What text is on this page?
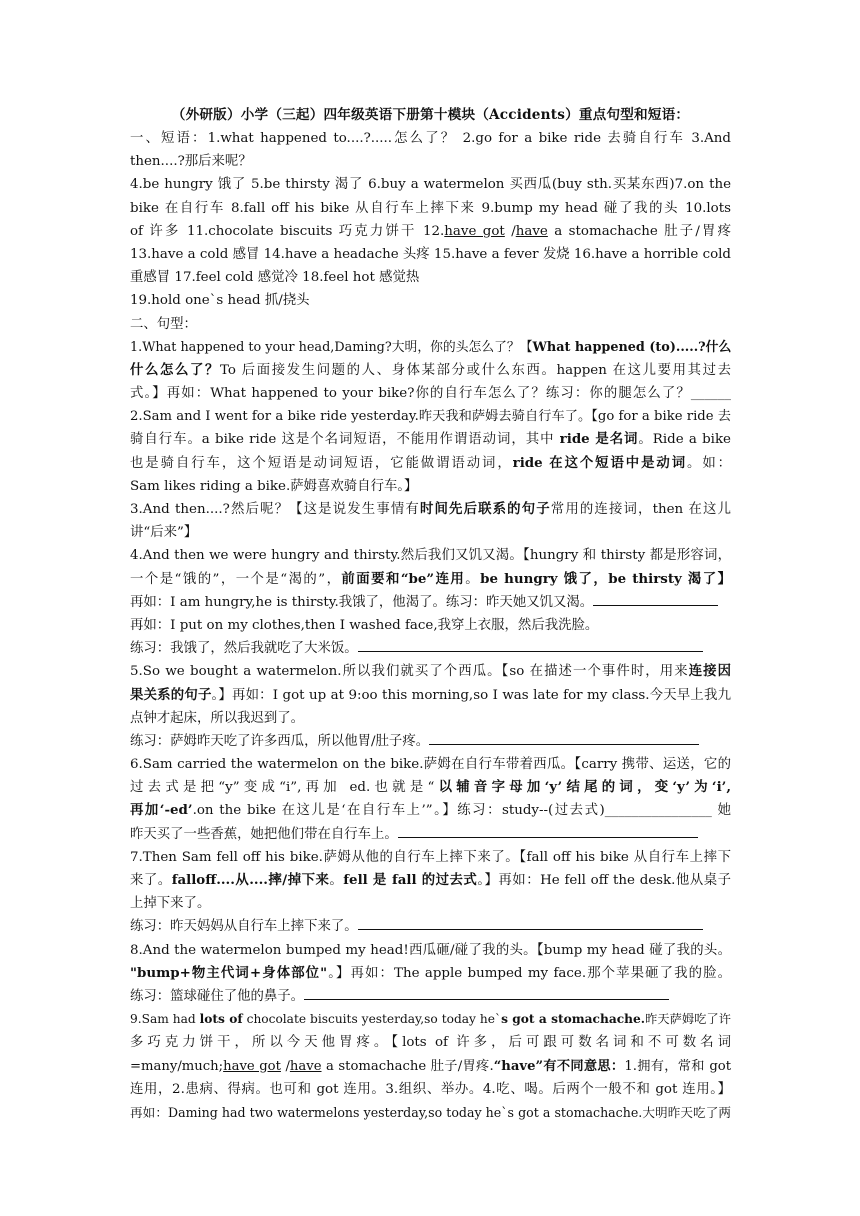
（外研版）小学（三起）四年级英语下册第十模块（Accidents）重点句型和短语：
一、短语：1.what happened to....?.....怎么了？ 2.go for a bike ride 去骑自行车 3.And
then....?那后来呢？
4.be hungry 饿了 5.be thirsty 渴了 6.buy a watermelon 买西瓜(buy sth.买某东西)7.on the
bike 在自行车 8.fall off his bike 从自行车上摔下来 9.bump my head 碰了我的头 10.lots
of 许多 11.chocolate biscuits 巧克力饼干 12.have got /have a stomachache 肚子/胃疼
13.have a cold 感冒 14.have a headache 头疼 15.have a fever 发烧 16.have a horrible cold
重感冒 17.feel cold 感觉冷 18.feel hot 感觉热
19.hold one`s head 抓/挠头
二、句型：
1.What happened to your head,Daming?大明，你的头怎么了？【What happened (to).....?什么
什么怎么了？To 后面接发生问题的人、身体某部分或什么东西。happen 在这儿要用其过去
式。】再如：What happened to your bike?你的自行车怎么了？练习：你的腿怎么了？______
2.Sam and I went for a bike ride yesterday.昨天我和萨姆去骑自行车了。【go for a bike ride 去
骑自行车。a bike ride 这是个名词短语，不能用作谓语动词，其中 ride 是名词。Ride a bike
也是骑自行车，这个短语是动词短语，它能做谓语动词，ride 在这个短语中是动词。如：
Sam likes riding a bike.萨姆喜欢骑自行车。】
3.And then....?然后呢？【这是说发生事情有时间先后联系的句子常用的连接词，then 在这儿
讲“后来”】
4.And then we were hungry and thirsty.然后我们又饥又渴。【hungry 和 thirsty 都是形容词，
一个是“饿的”，一个是“渴的”，前面要和“be”连用。be hungry 饿了，be thirsty 渴了】
再如：I am hungry,he is thirsty.我饿了，他渴了。练习：昨天她又饥又渴。
再如：I put on my clothes,then I washed face,我穿上衣服，然后我洗脸。
练习：我饿了，然后我就吃了大米饭。
5.So we bought a watermelon.所以我们就买了个西瓜。【so 在描述一个事件时，用来连接因
果关系的句子。】再如：I got up at 9:oo this morning,so I was late for my class.今天早上我九
点钟才起床，所以我迟到了。
练习：萨姆昨天吃了许多西瓜，所以他胃/肚子疼。
6.Sam carried the watermelon on the bike.萨姆在自行车带着西瓜。【carry 携带、运送，它的
过去式是把“y”变成“i”,再加 ed.也就是“以辅音字母加‘y’结尾的词，变‘y’为‘i’,
再加‘-ed’.on the bike 在这儿是‘在自行车上’”。】练习：study--(过去式)________________ 她
昨天买了一些香蕉，她把他们带在自行车上。
7.Then Sam fell off his bike.萨姆从他的自行车上摔下来了。【fall off his bike 从自行车上摔下
来了。falloff....从....摔/掉下来。fell 是 fall 的过去式。】再如：He fell off the desk.他从桌子
上掉下来了。
练习：昨天妈妈从自行车上摔下来了。
8.And the watermelon bumped my head!西瓜砸/碰了我的头。【bump my head 碰了我的头。
"bump+物主代词+身体部位"。】再如：The apple bumped my face.那个苹果砸了我的脸。
练习：篮球碰住了他的鼻子。
9.Sam had lots of chocolate biscuits yesterday,so today he`s got a stomachache.昨天萨姆吃了许
多巧克力饼干，所以今天他胃疼。【lots of 许多，后可跟可数名词和不可数名词
=many/much;have got /have a stomachache 肚子/胃疼.“have”有不同意思：1.拥有，常和 got
连用，2.患病、得病。也可和 got 连用。3.组织、举办。4.吃、喝。后两个一般不和 got 连用。】
再如：Daming had two watermelons yesterday,so today he`s got a stomachache.大明昨天吃了两
